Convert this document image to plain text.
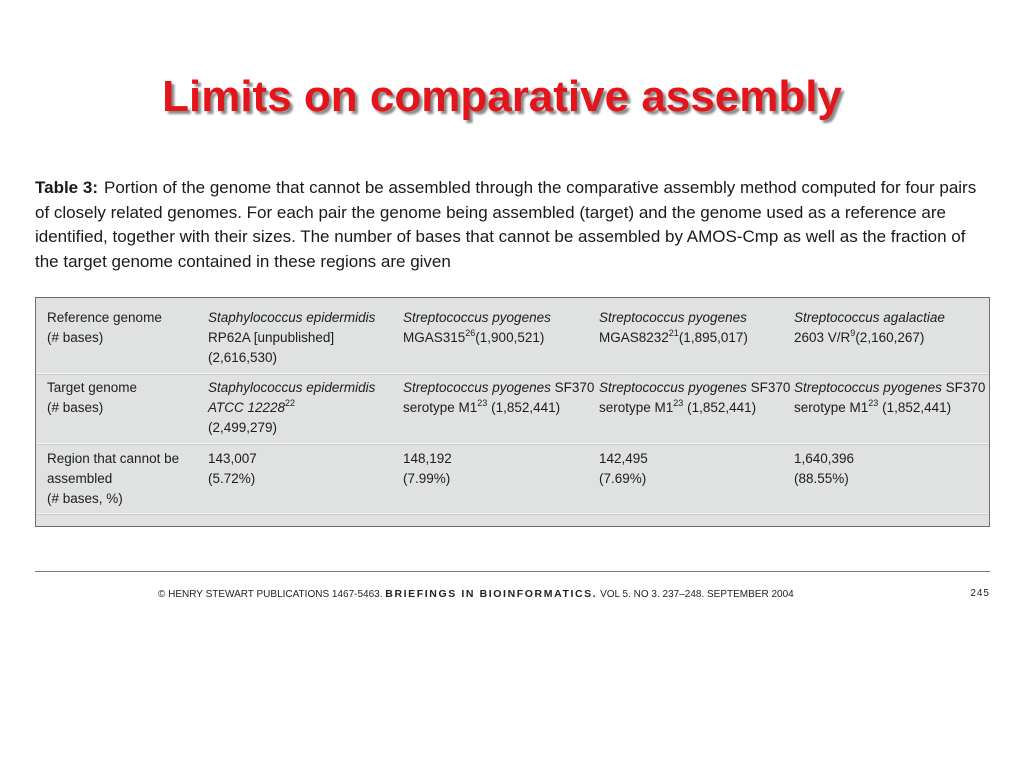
Limits on comparative assembly
Table 3: Portion of the genome that cannot be assembled through the comparative assembly method computed for four pairs of closely related genomes. For each pair the genome being assembled (target) and the genome used as a reference are identified, together with their sizes. The number of bases that cannot be assembled by AMOS-Cmp as well as the fraction of the target genome contained in these regions are given
Reference genome
(# bases)
Staphylococcus epidermidis
RP62A [unpublished]
(2,616,530)
Streptococcus pyogenes
$MGAS315^{26}(1,900,521)$
Streptococcus pyogenes
MGAS8232$^{21}$(1,895,017)
Streptococcus agalactiae
2603 $V/R^9(2,160,267)$
Target genome
(# bases)
Staphylococcus epidermidis
ATCC 12228$^{22}$
(2,499,279)
Streptococcus pyogenes SF370
serotype $M1^{23}$ (1,852,441)
Streptococcus pyogenes SF370
serotype $M1^{23}$ (1,852,441)
Streptococcus pyogenes SF370
serotype $M1^{23}$ (1,852,441)
Region that cannot be
assembled
(# bases, %)
143,007
(5.72%)
148,192
(7.99%)
142,495
(7.69%)
1,640,396
(88.55%)
© HENRY STEWART PUBLICATIONS 1467-5463. BRIEFINGS IN BIOINFORMATICS. VOL 5. NO 3. 237–248. SEPTEMBER 2004	245
